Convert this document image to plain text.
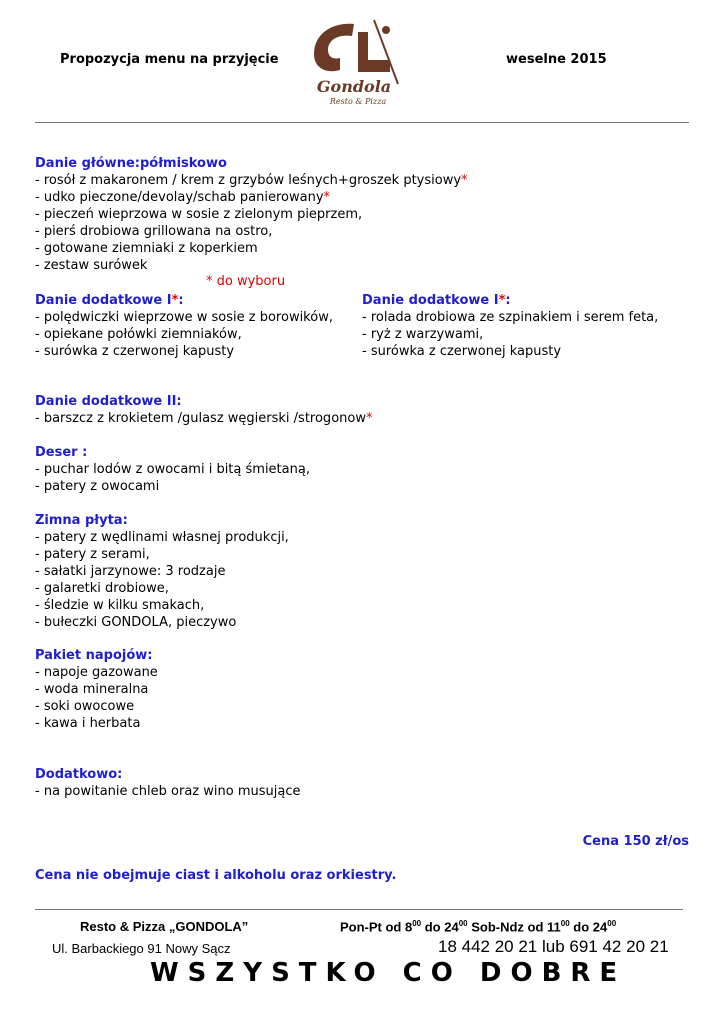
Propozycja menu na przyjęcie	weselne 2015
Gondola
Resto & Pizza
Danie główne:półmiskowo
- rosół z makaronem / krem z grzybów leśnych+groszek ptysiowy*
- udko pieczone/devolay/schab panierowany*
- pieczeń wieprzowa w sosie z zielonym pieprzem,
- pierś drobiowa grillowana na ostro,
- gotowane ziemniaki z koperkiem
- zestaw surówek
* do wyboru
Danie dodatkowe I*:
- polędwiczki wieprzowe w sosie z borowików,
- opiekane połówki ziemniaków,
- surówka z czerwonej kapusty
Danie dodatkowe I*:
- rolada drobiowa ze szpinakiem i serem feta,
- ryż z warzywami,
- surówka z czerwonej kapusty
Danie dodatkowe II:
- barszcz z krokietem /gulasz węgierski /strogonow*
Deser :
- puchar lodów z owocami i bitą śmietaną,
- patery z owocami
Zimna płyta:
- patery z wędlinami własnej produkcji,
- patery z serami,
- sałatki jarzynowe: 3 rodzaje
- galaretki drobiowe,
- śledzie w kilku smakach,
- bułeczki GONDOLA, pieczywo
Pakiet napojów:
- napoje gazowane
- woda mineralna
- soki owocowe
- kawa i herbata
Dodatkowo:
- na powitanie chleb oraz wino musujące
Cena 150 zł/os
Cena nie obejmuje ciast i alkoholu oraz orkiestry.
Resto & Pizza „GONDOLA”	Pon-Pt od $8^{00}$ do $24^{00}$ Sob-Ndz od $11^{00}$ do $24^{00}$
Ul. Barbackiego 91 Nowy Sącz	18 442 20 21 lub 691 42 20 21
WSZYSTKO CO DOBRE
